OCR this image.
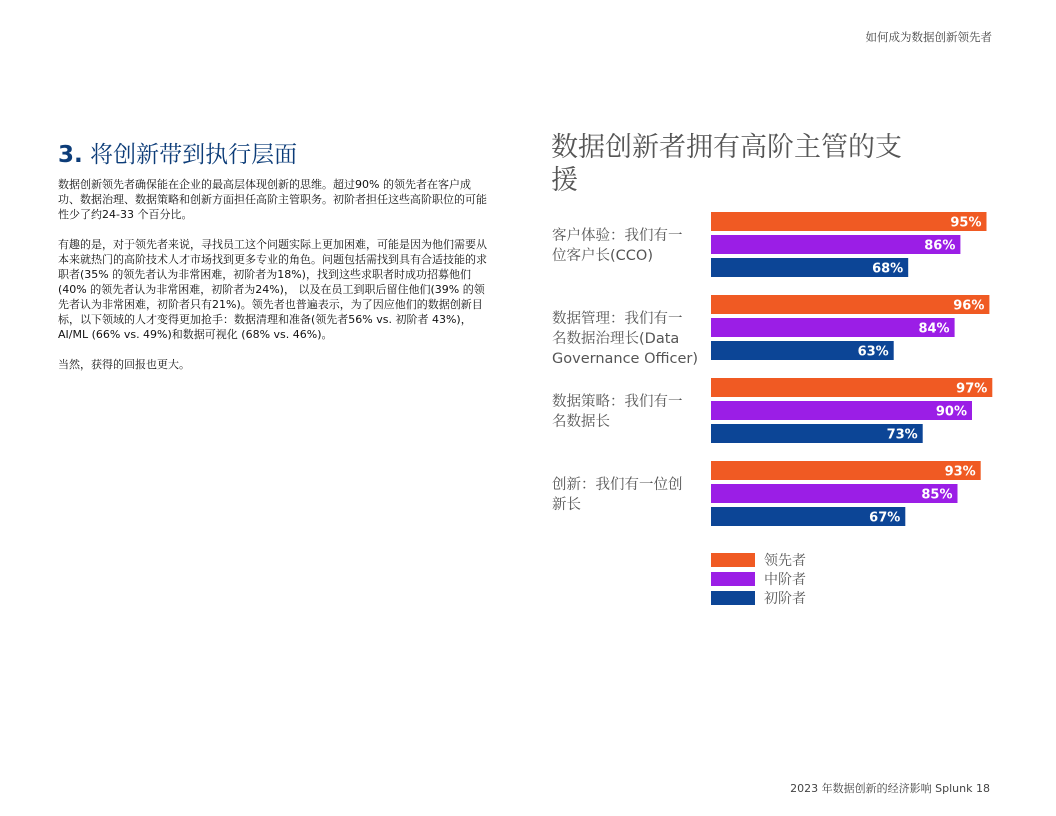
如何成为数据创新领先者
3. 将创新带到执行层面

数据创新领先者确保能在企业的最高层体现创新的思维。超过90% 的领先者在客户成功、数据治理、数据策略和创新方面担任高阶主管职务。初阶者担任这些高阶职位的可能性少了约24-33 个百分比。

有趣的是，对于领先者来说，寻找员工这个问题实际上更加困难，可能是因为他们需要从本来就热门的高阶技术人才市场找到更多专业的角色。问题包括需找到具有合适技能的求职者(35% 的领先者认为非常困难，初阶者为18%)，找到这些求职者时成功招募他们(40% 的领先者认为非常困难，初阶者为24%)， 以及在员工到职后留住他们(39% 的领先者认为非常困难，初阶者只有21%)。领先者也普遍表示，为了因应他们的数据创新目标，以下领域的人才变得更加抢手：数据清理和准备(领先者56% vs. 初阶者 43%)，AI/ML (66% vs. 49%)和数据可视化 (68% vs. 46%)。

当然，获得的回报也更大。

数据创新者拥有高阶主管的支援
客户体验：我们有一
位客户长(CCO)
95%
86%
68%
数据管理：我们有一
名数据治理长(Data
Governance Officer)
96%
84%
63%
数据策略：我们有一
名数据长
97%
90%
73%
创新：我们有一位创
新长
93%
85%
67%
领先者
中阶者
初阶者
2023 年数据创新的经济影响 Splunk 18
